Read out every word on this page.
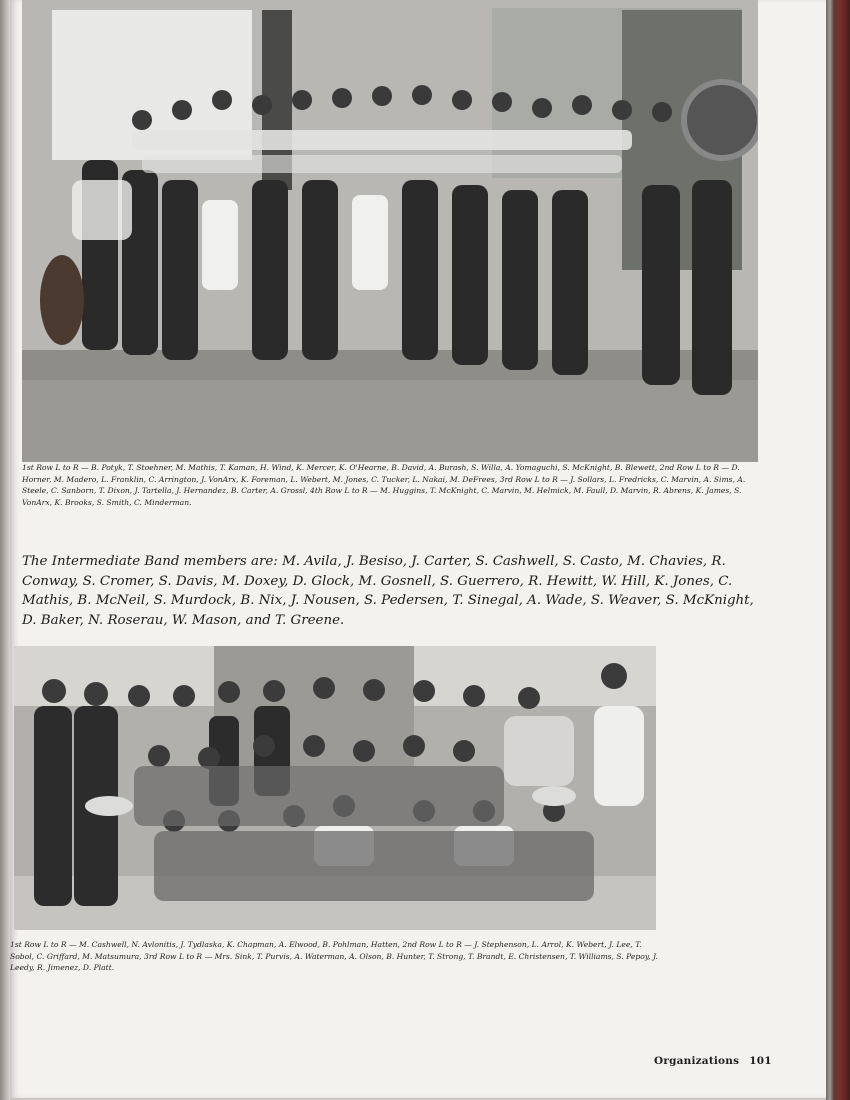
1st Row L to R — B. Potyk, T. Stoehner, M. Mathis, T. Kaman, H. Wind, K. Mercer, K. O'Hearne, B. David, A. Burash, S. Willa, A. Yomaguchi, S. McKnight, B. Blewett, 2nd Row L to R — D. Horner, M. Madero, L. Franklin, C. Arrington, J. VonArx, K. Foreman, L. Webert, M. Jones, C. Tucker, L. Nakai, M. DeFrees, 3rd Row L to R — J. Sollars, L. Fredricks, C. Marvin, A. Sims, A. Steele, C. Sanborn, T. Dixon, J. Tartella, J. Hernandez, B. Carter, A. Grossl, 4th Row L to R — M. Huggins, T. McKnight, C. Marvin, M. Helmick, M. Faull, D. Marvin, R. Abrens, K. James, S. VonArx, K. Brooks, S. Smith, C. Minderman.
The Intermediate Band members are: M. Avila, J. Besiso, J. Carter, S. Cashwell, S. Casto, M. Chavies, R. Conway, S. Cromer, S. Davis, M. Doxey, D. Glock, M. Gosnell, S. Guerrero, R. Hewitt, W. Hill, K. Jones, C. Mathis, B. McNeil, S. Murdock, B. Nix, J. Nousen, S. Pedersen, T. Sinegal, A. Wade, S. Weaver, S. McKnight, D. Baker, N. Roserau, W. Mason, and T. Greene.
1st Row L to R — M. Cashwell, N. Avlonitis, J. Tydlaska, K. Chapman, A. Elwood, B. Pohlman, Hatten, 2nd Row L to R — J. Stephenson, L. Arrol, K. Webert, J. Lee, T. Sobol, C. Griffard, M. Matsumura, 3rd Row L to R — Mrs. Sink, T. Purvis, A. Waterman, A. Olson, B. Hunter, T. Strong, T. Brandt, E. Christensen, T. Williams, S. Pepoy, J. Leedy, R. Jimenez, D. Platt.
Organizations 101
